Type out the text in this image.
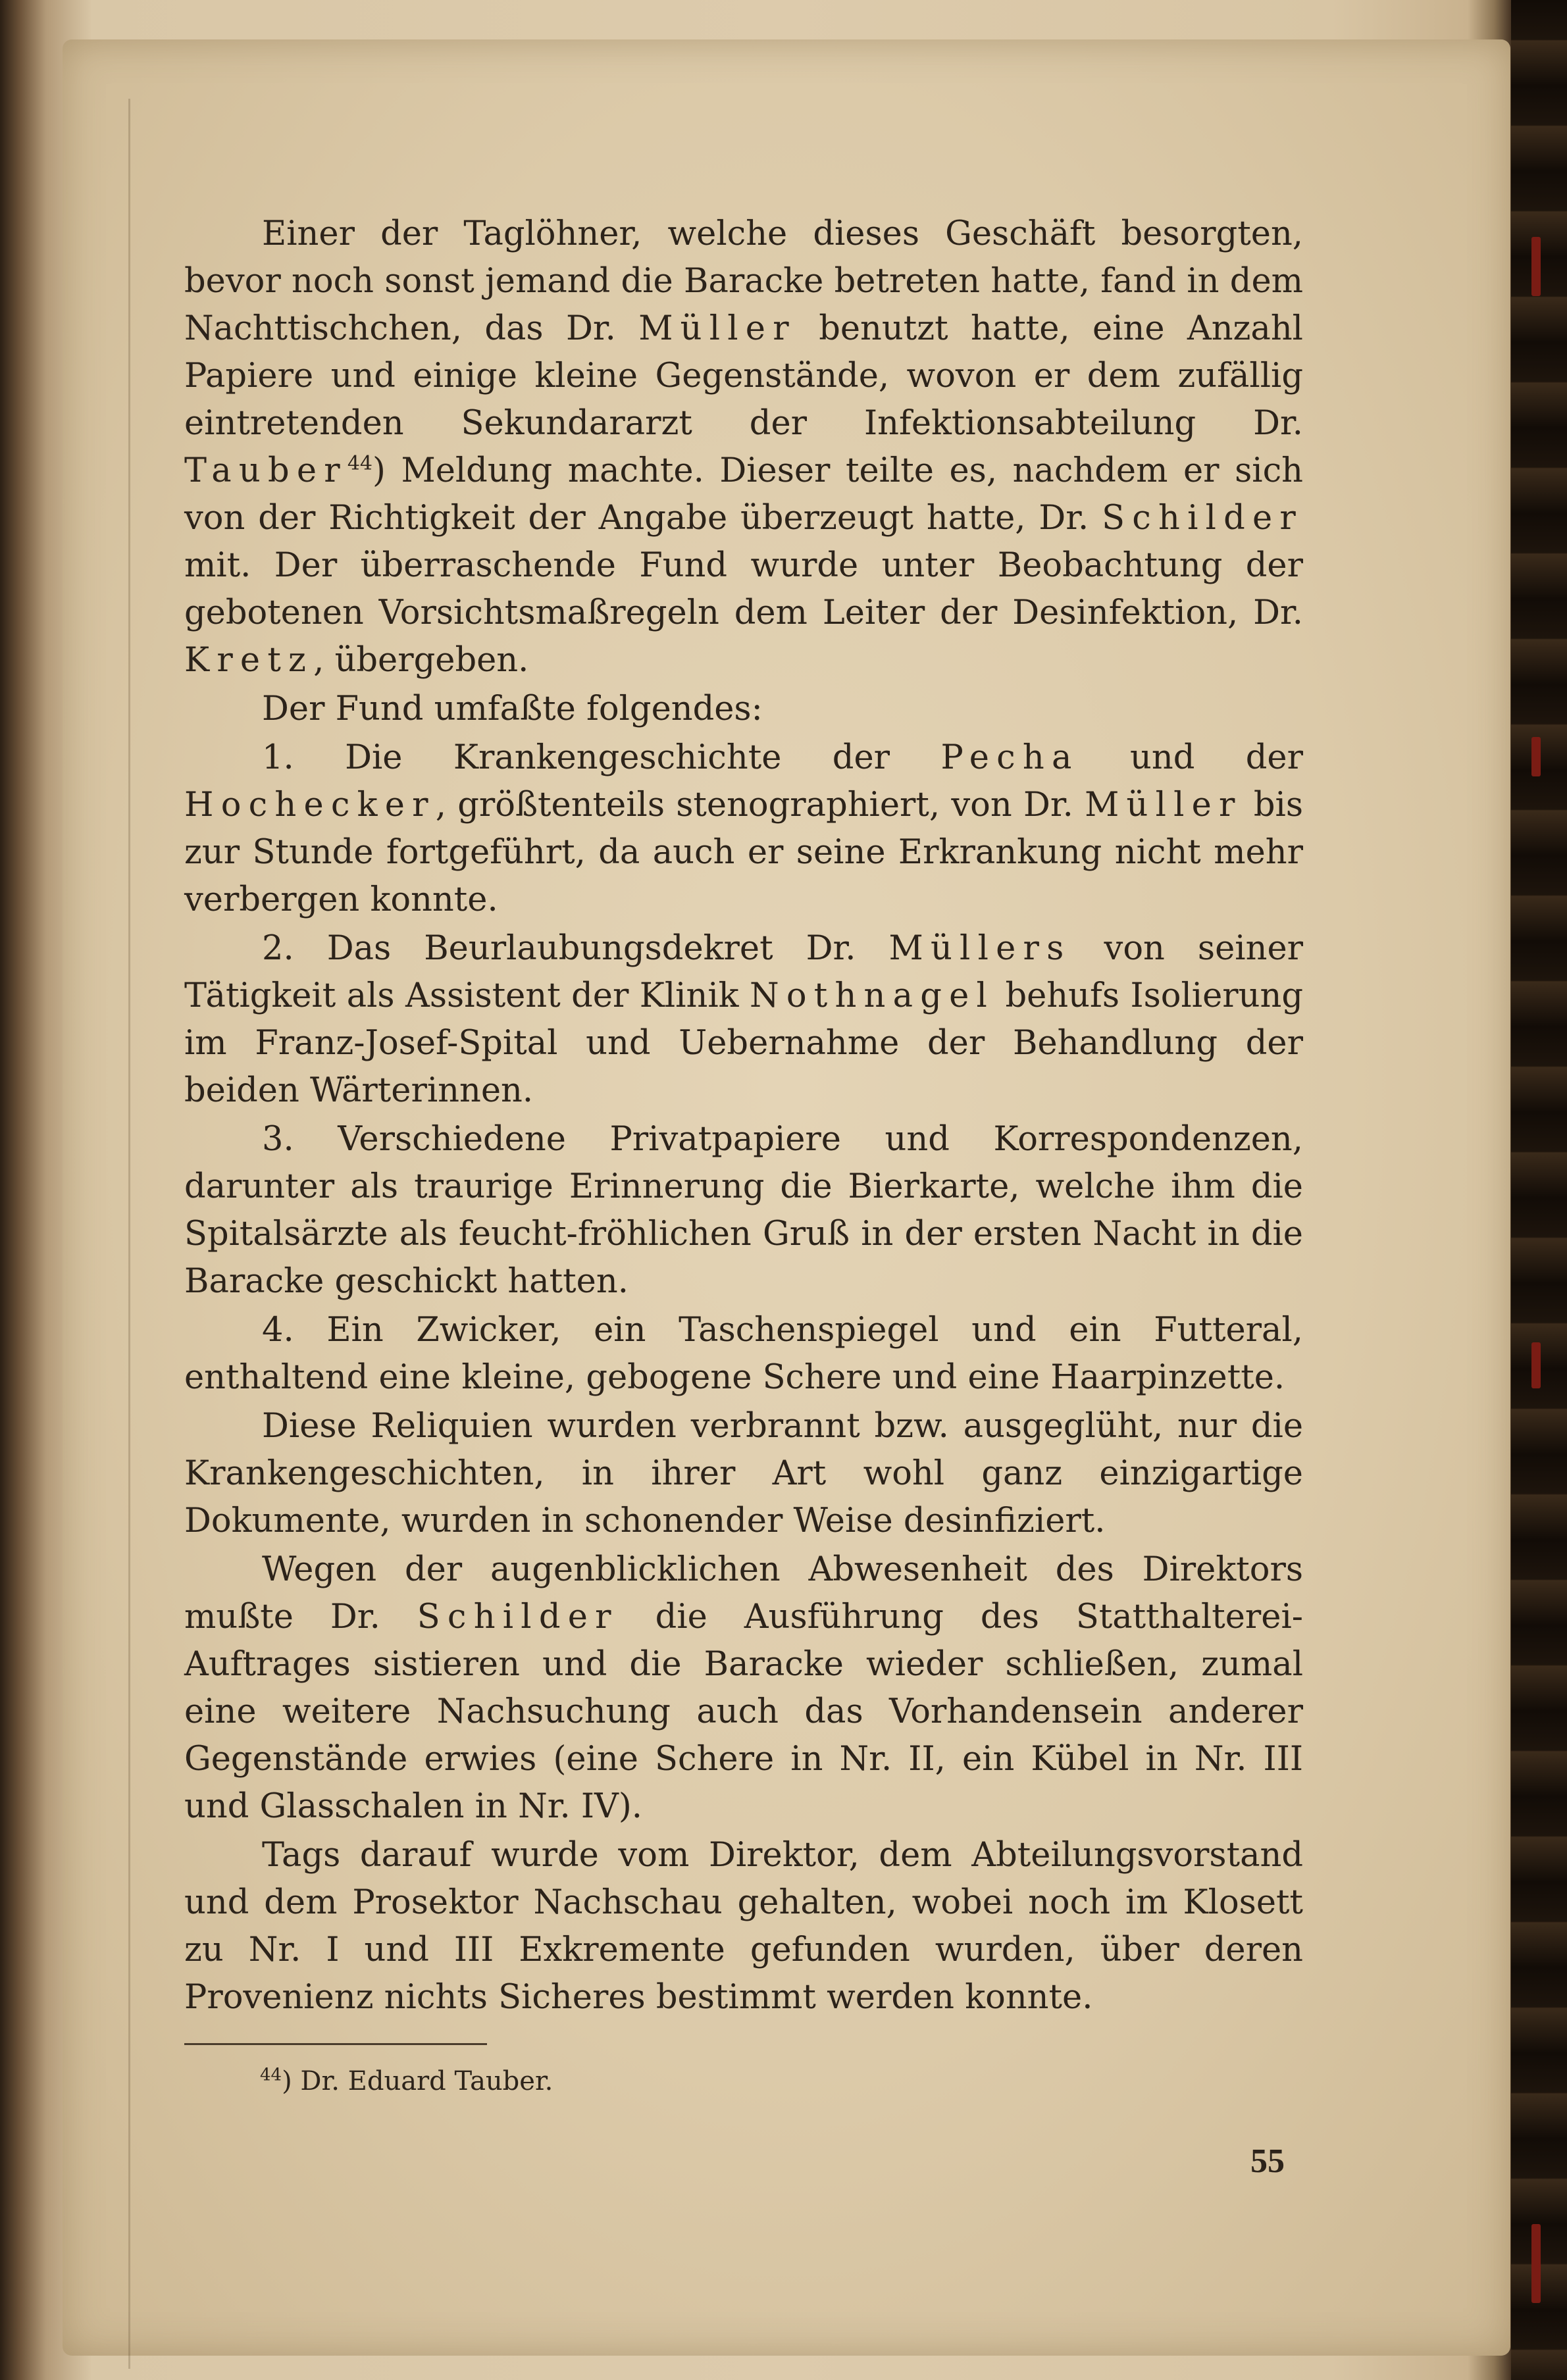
Einer der Taglöhner, welche dieses Geschäft besorgten, bevor noch sonst jemand die Baracke betreten hatte, fand in dem Nachttischchen, das Dr. Müller benutzt hatte, eine Anzahl Papiere und einige kleine Gegenstände, wovon er dem zufällig eintretenden Sekundararzt der Infektionsabteilung Dr. Tauber$^{44}$) Meldung machte. Dieser teilte es, nachdem er sich von der Richtigkeit der Angabe überzeugt hatte, Dr. Schilder mit. Der überraschende Fund wurde unter Beobachtung der gebotenen Vorsichtsmaßregeln dem Leiter der Desinfektion, Dr. Kretz, übergeben.

Der Fund umfaßte folgendes:

1. Die Krankengeschichte der Pecha und der Hochecker, größtenteils stenographiert, von Dr. Müller bis zur Stunde fortgeführt, da auch er seine Erkrankung nicht mehr verbergen konnte.

2. Das Beurlaubungsdekret Dr. Müllers von seiner Tätigkeit als Assistent der Klinik Nothnagel behufs Isolierung im Franz-Josef-Spital und Uebernahme der Behandlung der beiden Wärterinnen.

3. Verschiedene Privatpapiere und Korrespondenzen, darunter als traurige Erinnerung die Bierkarte, welche ihm die Spitalsärzte als feucht-fröhlichen Gruß in der ersten Nacht in die Baracke geschickt hatten.

4. Ein Zwicker, ein Taschenspiegel und ein Futteral, enthaltend eine kleine, gebogene Schere und eine Haarpinzette.

Diese Reliquien wurden verbrannt bzw. ausgeglüht, nur die Krankengeschichten, in ihrer Art wohl ganz einzigartige Dokumente, wurden in schonender Weise desinfiziert.

Wegen der augenblicklichen Abwesenheit des Direktors mußte Dr. Schilder die Ausführung des Statthalterei-Auftrages sistieren und die Baracke wieder schließen, zumal eine weitere Nachsuchung auch das Vorhandensein anderer Gegenstände erwies (eine Schere in Nr. II, ein Kübel in Nr. III und Glasschalen in Nr. IV).

Tags darauf wurde vom Direktor, dem Abteilungsvorstand und dem Prosektor Nachschau gehalten, wobei noch im Klosett zu Nr. I und III Exkremente gefunden wurden, über deren Provenienz nichts Sicheres bestimmt werden konnte.

$^{44}$) Dr. Eduard Tauber.
55
